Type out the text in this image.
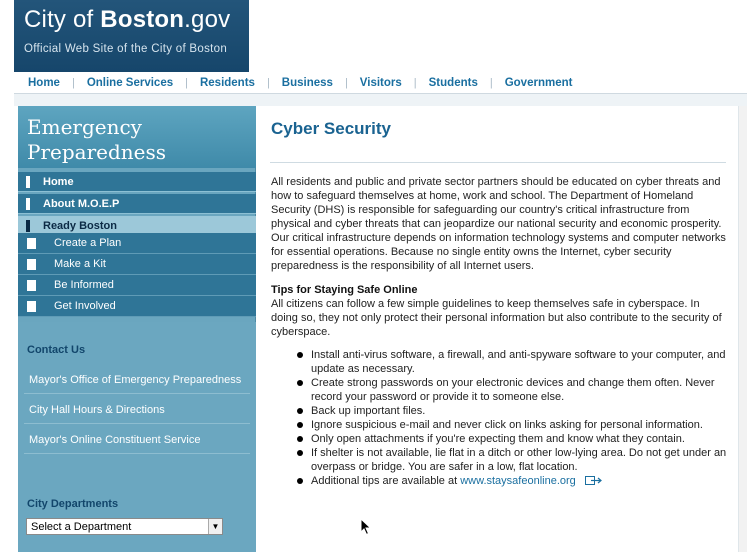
City of Boston.gov
Official Web Site of the City of Boston
Home	|	Online Services	|	Residents	|	Business	|	Visitors	|	Students	|	Government
Emergency
Preparedness
Home
About M.O.E.P
Ready Boston
Create a Plan
Make a Kit
Be Informed
Get Involved
Contact Us
Mayor's Office of Emergency Preparedness
City Hall Hours & Directions
Mayor's Online Constituent Service
City Departments
Select a Department	▼
Cyber Security
All residents and public and private sector partners should be educated on cyber threats and how to safeguard themselves at home, work and school. The Department of Homeland Security (DHS) is responsible for safeguarding our country's critical infrastructure from physical and cyber threats that can jeopardize our national security and economic prosperity. Our critical infrastructure depends on information technology systems and computer networks for essential operations. Because no single entity owns the Internet, cyber security preparedness is the responsibility of all Internet users.
Tips for Staying Safe Online
All citizens can follow a few simple guidelines to keep themselves safe in cyberspace. In doing so, they not only protect their personal information but also contribute to the security of cyberspace.
Install anti-virus software, a firewall, and anti-spyware software to your computer, and update as necessary.
Create strong passwords on your electronic devices and change them often. Never record your password or provide it to someone else.
Back up important files.
Ignore suspicious e-mail and never click on links asking for personal information.
Only open attachments if you're expecting them and know what they contain.
If shelter is not available, lie flat in a ditch or other low-lying area. Do not get under an overpass or bridge. You are safer in a low, flat location.
Additional tips are available at www.staysafeonline.org
